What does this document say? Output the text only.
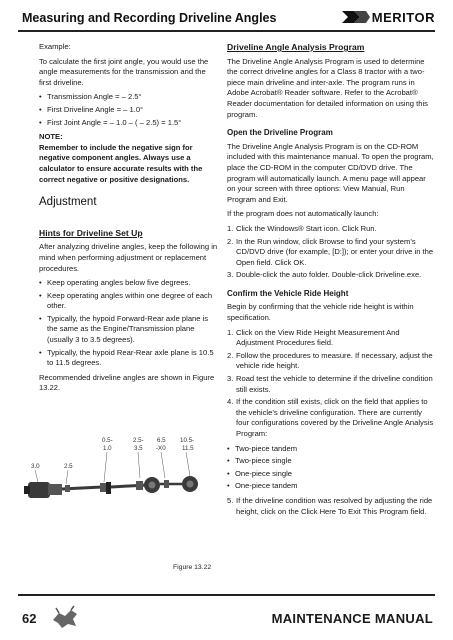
Measuring and Recording Driveline Angles	MERITOR

Example:

To calculate the first joint angle, you would use the angle measurements for the transmission and the first driveline.

• Transmission Angle = – 2.5°
• First Driveline Angle = – 1.0°
• First Joint Angle = – 1.0 – ( – 2.5) = 1.5°

NOTE:

Remember to include the negative sign for negative component angles. Always use a calculator to ensure accurate results with the correct negative or positive designations.

Adjustment
Hints for Driveline Set Up

After analyzing driveline angles, keep the following in mind when performing adjustment or replacement procedures.

• Keep operating angles below five degrees.
• Keep operating angles within one degree of each other.
• Typically, the hypoid Forward-Rear axle plane is the same as the Engine/Transmission plane (usually 3 to 3.5 degrees).
• Typically, the hypoid Rear-Rear axle plane is 10.5 to 11.5 degrees.

Recommended driveline angles are shown in Figure 13.22.

3.0	2.5
0.5-
1.0
2.5-
3.5
6.5
-X0
10.5-
11.5
Figure 13.22
Driveline Angle Analysis Program

The Driveline Angle Analysis Program is used to determine the correct driveline angles for a Class 8 tractor with a two-piece main driveline and inter-axle. The program runs in Adobe Acrobat® Reader software. Refer to the Acrobat® Reader documentation for detailed information on using this program.

Open the Driveline Program

The Driveline Angle Analysis Program is on the CD-ROM included with this maintenance manual. To open the program, place the CD-ROM in the computer CD/DVD drive. The program will automatically launch. A menu page will appear on your screen with three options: View Manual, Run Program and Exit.

If the program does not automatically launch:

1. Click the Windows® Start icon. Click Run.
2. In the Run window, click Browse to find your system’s CD/DVD drive (for example, [D:]); or enter your drive in the Open field. Click OK.
3. Double-click the auto folder. Double-click Driveline.exe.
Confirm the Vehicle Ride Height

Begin by confirming that the vehicle ride height is within specification.

1. Click on the View Ride Height Measurement And Adjustment Procedures field.
2. Follow the procedures to measure. If necessary, adjust the vehicle ride height.
3. Road test the vehicle to determine if the driveline condition still exists.
4. If the condition still exists, click on the field that applies to the vehicle’s driveline configuration. There are currently four configurations covered by the Driveline Angle Analysis Program:
• Two-piece tandem
• Two-piece single
• One-piece single
• One-piece tandem
5. If the driveline condition was resolved by adjusting the ride height, click on the Click Here To Exit This Program field.
62	MAINTENANCE MANUAL
